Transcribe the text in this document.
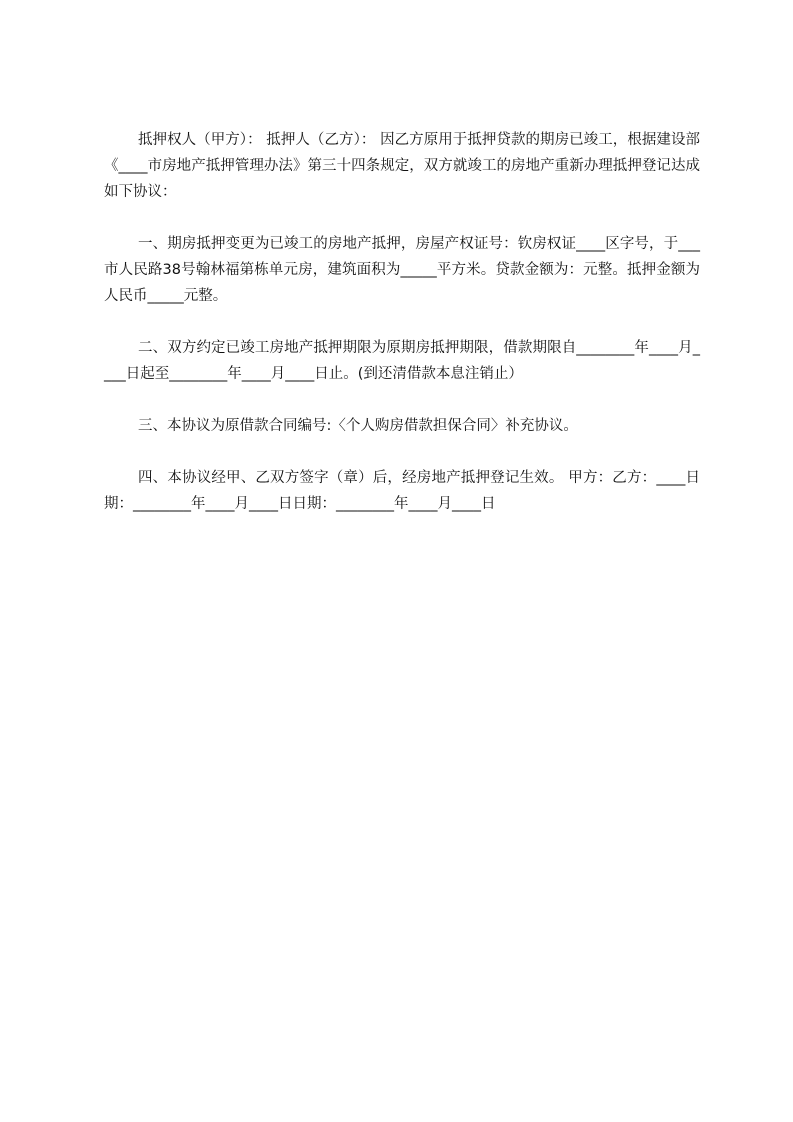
抵押权人（甲方）： 抵押人（乙方）： 因乙方原用于抵押贷款的期房已竣工，根据建设部《____市房地产抵押管理办法》第三十四条规定，双方就竣工的房地产重新办理抵押登记达成如下协议：

一、期房抵押变更为已竣工的房地产抵押，房屋产权证号：钦房权证____区字号，于___市人民路38号翰林福第栋单元房，建筑面积为_____平方米。贷款金额为：元整。抵押金额为人民币_____元整。

二、双方约定已竣工房地产抵押期限为原期房抵押期限，借款期限自________年____月____日起至________年____月____日止。(到还清借款本息注销止）

三、本协议为原借款合同编号:〈个人购房借款担保合同〉补充协议。

四、本协议经甲、乙双方签字（章）后，经房地产抵押登记生效。 甲方：乙方：____日期：________年____月____日日期：________年____月____日
